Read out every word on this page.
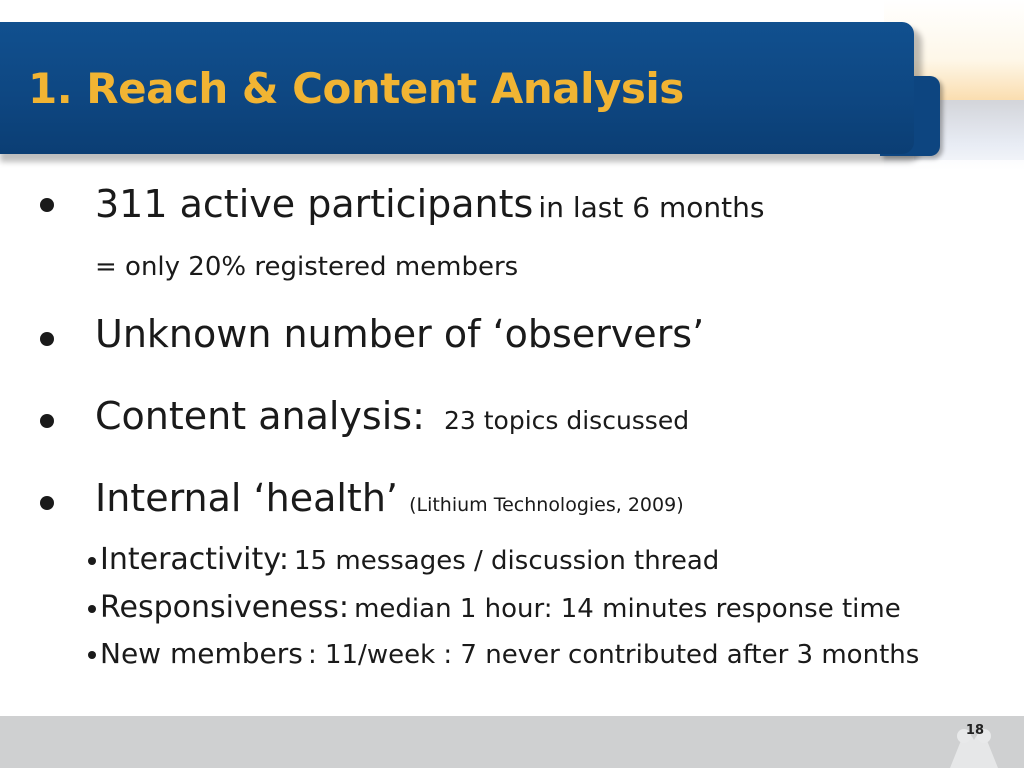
1. Reach & Content Analysis
311 active participants in last 6 months
= only 20% registered members
Unknown number of ‘observers’
Content analysis: 23 topics discussed
Internal ‘health’ (Lithium Technologies, 2009)
Interactivity: 15 messages / discussion thread
Responsiveness: median 1 hour: 14 minutes response time
New members : 11/week : 7 never contributed after 3 months
18
